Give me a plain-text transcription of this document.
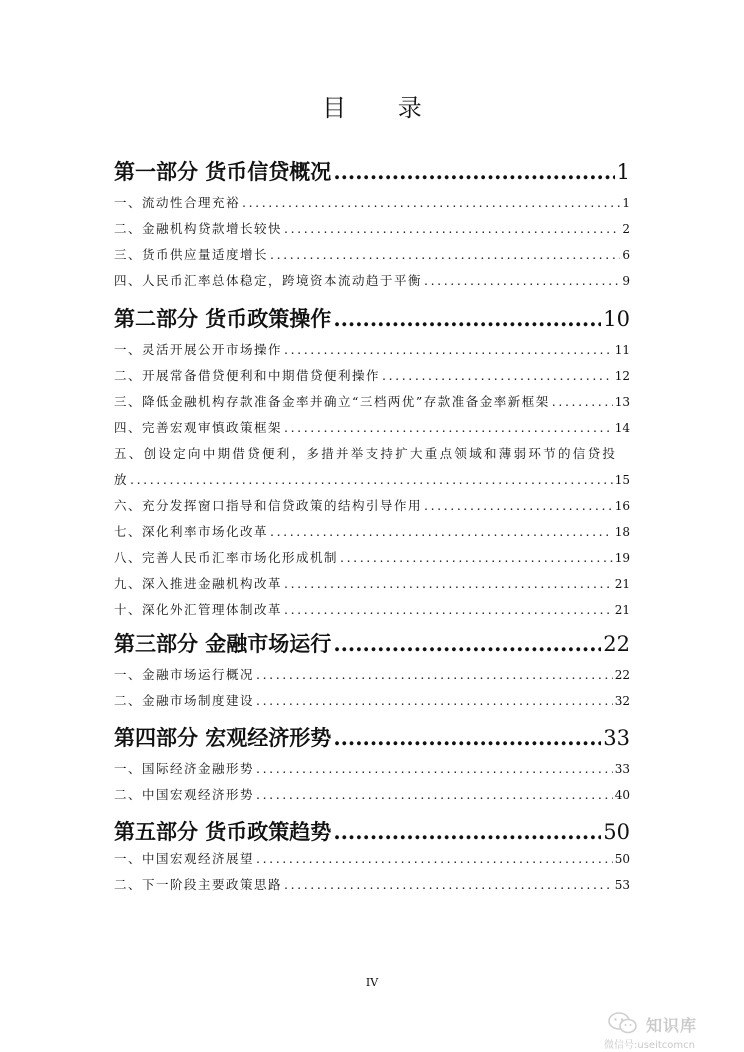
目 录
第一部分 货币信贷概况 .....	1
一、流动性合理充裕 .....	1
二、金融机构贷款增长较快 .....	2
三、货币供应量适度增长 .....	6
四、人民币汇率总体稳定，跨境资本流动趋于平衡 .....	9
第二部分 货币政策操作 .....	10
一、灵活开展公开市场操作 .....	11
二、开展常备借贷便利和中期借贷便利操作 .....	12
三、降低金融机构存款准备金率并确立“三档两优”存款准备金率新框架 .....	13
四、完善宏观审慎政策框架 .....	14
五、创设定向中期借贷便利，多措并举支持扩大重点领域和薄弱环节的信贷投
放 .....	15
六、充分发挥窗口指导和信贷政策的结构引导作用 .....	16
七、深化利率市场化改革 .....	18
八、完善人民币汇率市场化形成机制 .....	19
九、深入推进金融机构改革 .....	21
十、深化外汇管理体制改革 .....	21
第三部分 金融市场运行 .....	22
一、金融市场运行概况 .....	22
二、金融市场制度建设 .....	32
第四部分 宏观经济形势 .....	33
一、国际经济金融形势 .....	33
二、中国宏观经济形势 .....	40
第五部分 货币政策趋势 .....	50
一、中国宏观经济展望 .....	50
二、下一阶段主要政策思路 .....	53
IV
知识库
微信号:useitcomcn
